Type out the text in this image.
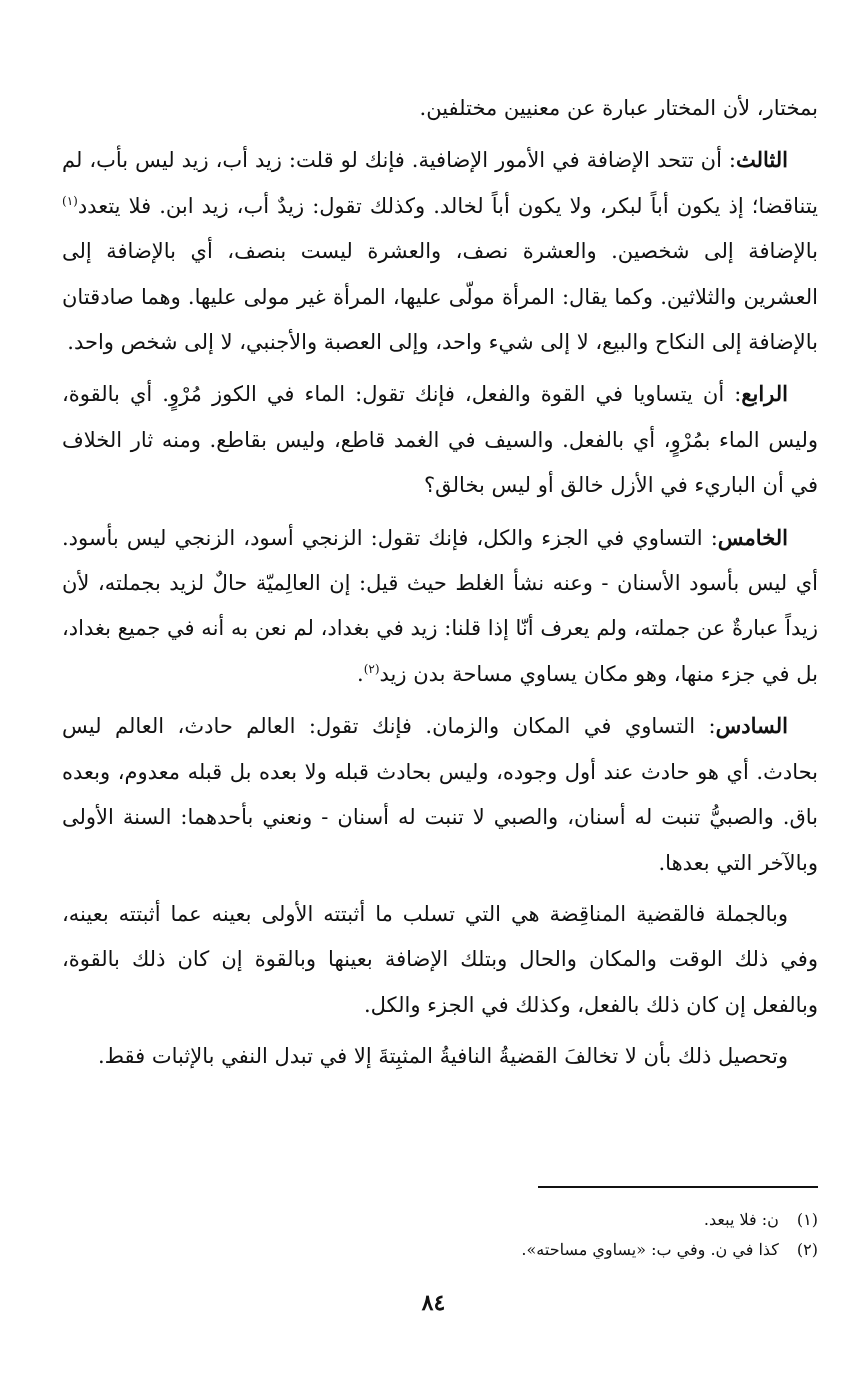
بمختار، لأن المختار عبارة عن معنيين مختلفين.

الثالث: أن تتحد الإضافة في الأمور الإضافية. فإنك لو قلت: زيد أب، زيد ليس بأب، لم يتناقضا؛ إذ يكون أباً لبكر، ولا يكون أباً لخالد. وكذلك تقول: زيدٌ أب، زيد ابن. فلا يتعدد$^{(١)}$ بالإضافة إلى شخصين. والعشرة نصف، والعشرة ليست بنصف، أي بالإضافة إلى العشرين والثلاثين. وكما يقال: المرأة مولّى عليها، المرأة غير مولى عليها. وهما صادقتان بالإضافة إلى النكاح والبيع، لا إلى شيء واحد، وإلى العصبة والأجنبي، لا إلى شخص واحد.

الرابع: أن يتساويا في القوة والفعل، فإنك تقول: الماء في الكوز مُرْوٍ. أي بالقوة، وليس الماء بمُرْوٍ، أي بالفعل. والسيف في الغمد قاطع، وليس بقاطع. ومنه ثار الخلاف في أن الباريء في الأزل خالق أو ليس بخالق؟

الخامس: التساوي في الجزء والكل، فإنك تقول: الزنجي أسود، الزنجي ليس بأسود. أي ليس بأسود الأسنان - وعنه نشأ الغلط حيث قيل: إن العالِميّة حالٌ لزيد بجملته، لأن زيداً عبارةٌ عن جملته، ولم يعرف أنّا إذا قلنا: زيد في بغداد، لم نعن به أنه في جميع بغداد، بل في جزء منها، وهو مكان يساوي مساحة بدن زيد$^{(٢)}$.

السادس: التساوي في المكان والزمان. فإنك تقول: العالم حادث، العالم ليس بحادث. أي هو حادث عند أول وجوده، وليس بحادث قبله ولا بعده بل قبله معدوم، وبعده باق. والصبيُّ تنبت له أسنان، والصبي لا تنبت له أسنان - ونعني بأحدهما: السنة الأولى وبالآخر التي بعدها.

وبالجملة فالقضية المناقِضة هي التي تسلب ما أثبتته الأولى بعينه عما أثبتته بعينه، وفي ذلك الوقت والمكان والحال وبتلك الإضافة بعينها وبالقوة إن كان ذلك بالقوة، وبالفعل إن كان ذلك بالفعل، وكذلك في الجزء والكل.

وتحصيل ذلك بأن لا تخالفَ القضيةُ النافيةُ المثبِتةَ إلا في تبدل النفي بالإثبات فقط.

(١)ن: فلا يبعد.
(٢)كذا في ن. وفي ب: «يساوي مساحته».
٨٤
